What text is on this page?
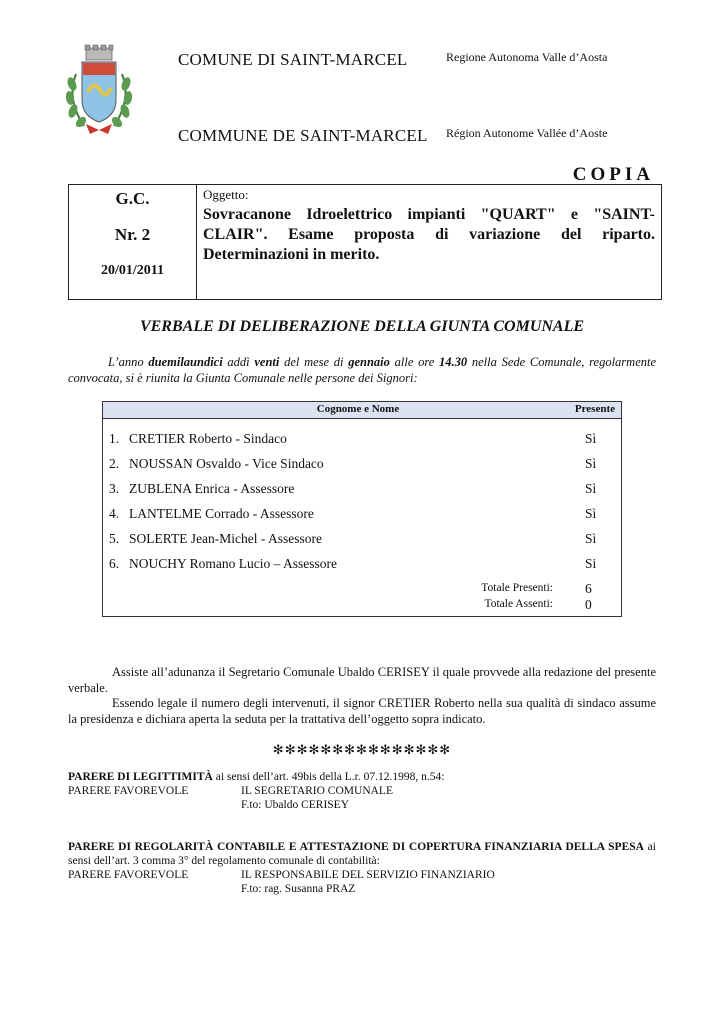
COMUNE DI SAINT-MARCEL	Regione Autonoma Valle d’Aosta
COMMUNE DE SAINT-MARCEL Région Autonome Vallée d’Aoste
COPIA
G.C.
Nr. 2
20/01/2011
Oggetto:
Sovracanone Idroelettrico impianti "QUART" e "SAINT-CLAIR". Esame proposta di variazione del riparto. Determinazioni in merito.
VERBALE DI DELIBERAZIONE DELLA GIUNTA COMUNALE
L’anno duemilaundici addì venti del mese di gennaio alle ore 14.30 nella Sede Comunale, regolarmente convocata, si è riunita la Giunta Comunale nelle persone dei Signori:
Cognome e Nome	Presente
1. CRETIER Roberto - Sindaco	Sì
2. NOUSSAN Osvaldo - Vice Sindaco	Sì
3. ZUBLENA Enrica - Assessore	Sì
4. LANTELME Corrado - Assessore	Sì
5. SOLERTE Jean-Michel - Assessore	Sì
6. NOUCHY Romano Lucio – Assessore	Si
Totale Presenti: 6
Totale Assenti: 0
Assiste all’adunanza il Segretario Comunale Ubaldo CERISEY il quale provvede alla redazione del presente verbale.
Essendo legale il numero degli intervenuti, il signor CRETIER Roberto nella sua qualità di sindaco assume la presidenza e dichiara aperta la seduta per la trattativa dell’oggetto sopra indicato.
✻✻✻✻✻✻✻✻✻✻✻✻✻✻✻
PARERE DI LEGITTIMITÀ ai sensi dell’art. 49bis della L.r. 07.12.1998, n.54:
PARERE FAVOREVOLE	IL SEGRETARIO COMUNALE
F.to: Ubaldo CERISEY
PARERE DI REGOLARITÀ CONTABILE E ATTESTAZIONE DI COPERTURA FINANZIARIA DELLA SPESA ai sensi dell’art. 3 comma 3° del regolamento comunale di contabilità:
PARERE FAVOREVOLE	IL RESPONSABILE DEL SERVIZIO FINANZIARIO
F.to: rag. Susanna PRAZ
